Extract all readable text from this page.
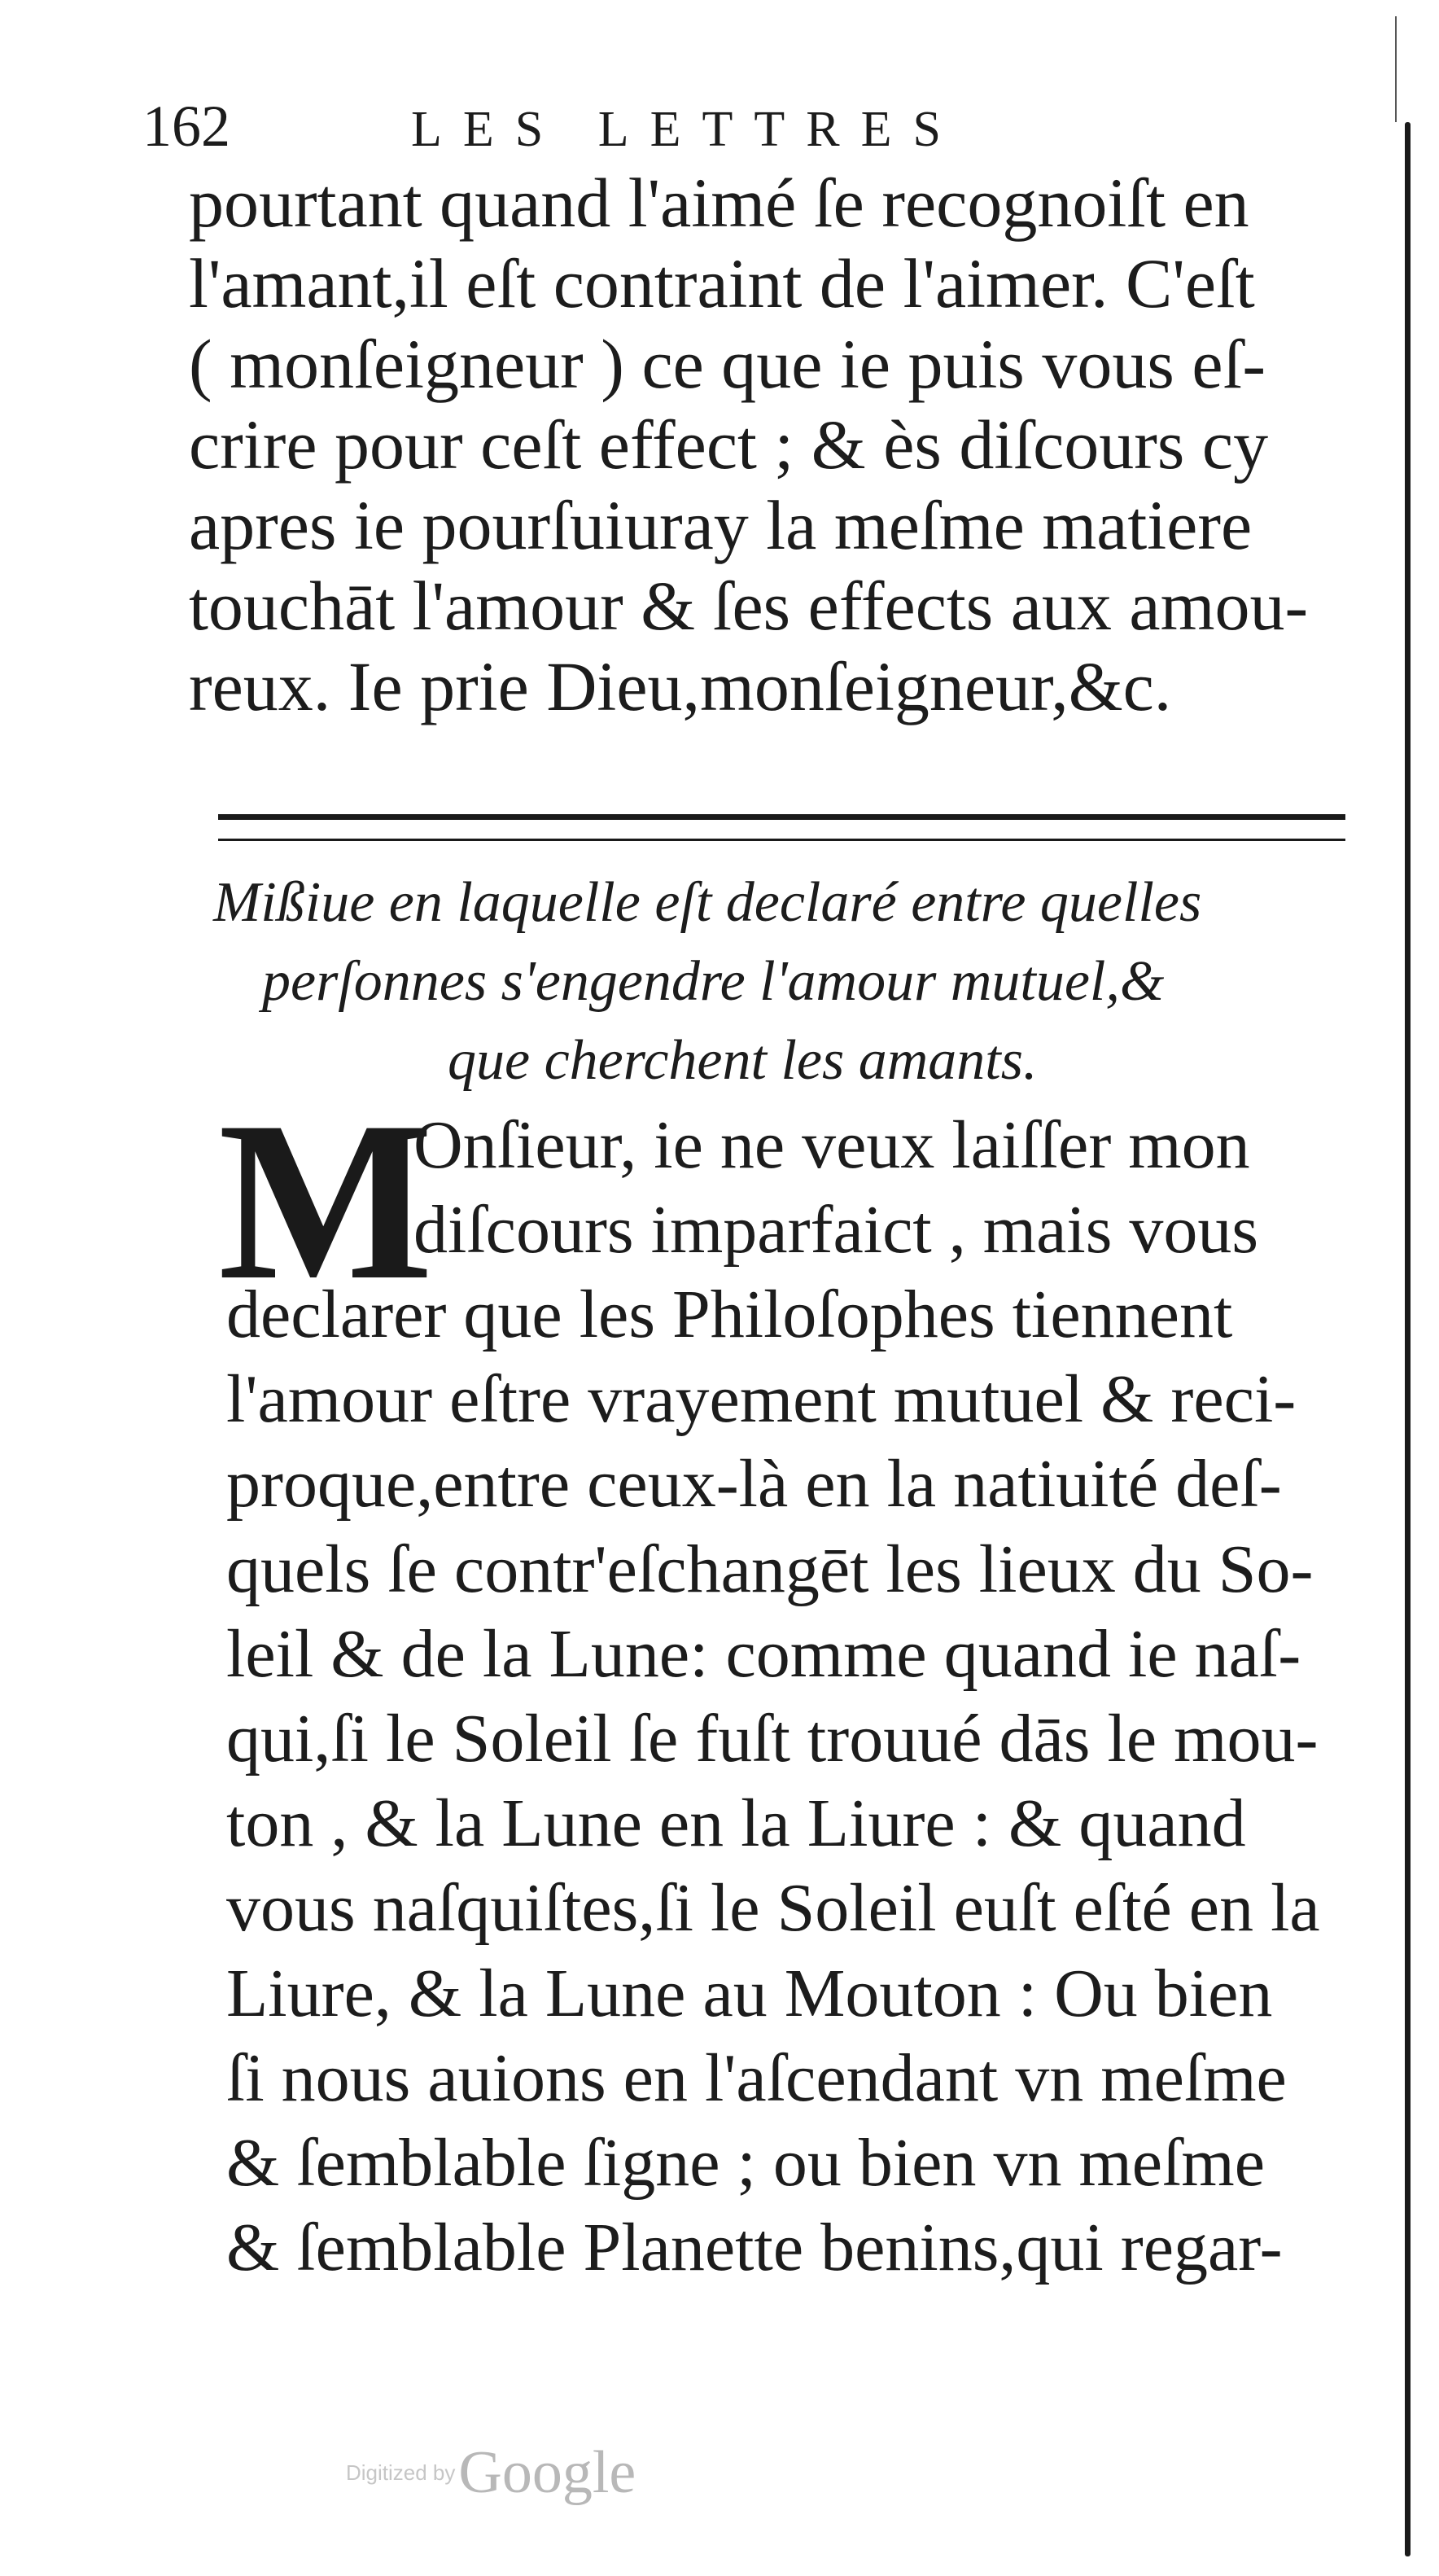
162	LES LETTRES
pourtant quand l'aimé ſe recognoiſt en
l'amant,il eſt contraint de l'aimer. C'eſt
( monſeigneur ) ce que ie puis vous eſ-
crire pour ceſt effect ; & ès diſcours cy
apres ie pourſuiuray la meſme matiere
touchāt l'amour & ſes effects aux amou-
reux. Ie prie Dieu,monſeigneur,&c.
Mißiue en laquelle eſt declaré entre quelles
perſonnes s'engendre l'amour mutuel,&
que cherchent les amants.
M
Onſieur, ie ne veux laiſſer mon
diſcours imparfaict , mais vous
declarer que les Philoſophes tiennent
l'amour eſtre vrayement mutuel & reci-
proque,entre ceux-là en la natiuité deſ-
quels ſe contr'eſchangēt les lieux du So-
leil & de la Lune: comme quand ie naſ-
qui,ſi le Soleil ſe fuſt trouué dās le mou-
ton , & la Lune en la Liure : & quand
vous naſquiſtes,ſi le Soleil euſt eſté en la
Liure, & la Lune au Mouton : Ou bien
ſi nous auions en l'aſcendant vn meſme
& ſemblable ſigne ; ou bien vn meſme
& ſemblable Planette benins,qui regar-
Digitized by Google
